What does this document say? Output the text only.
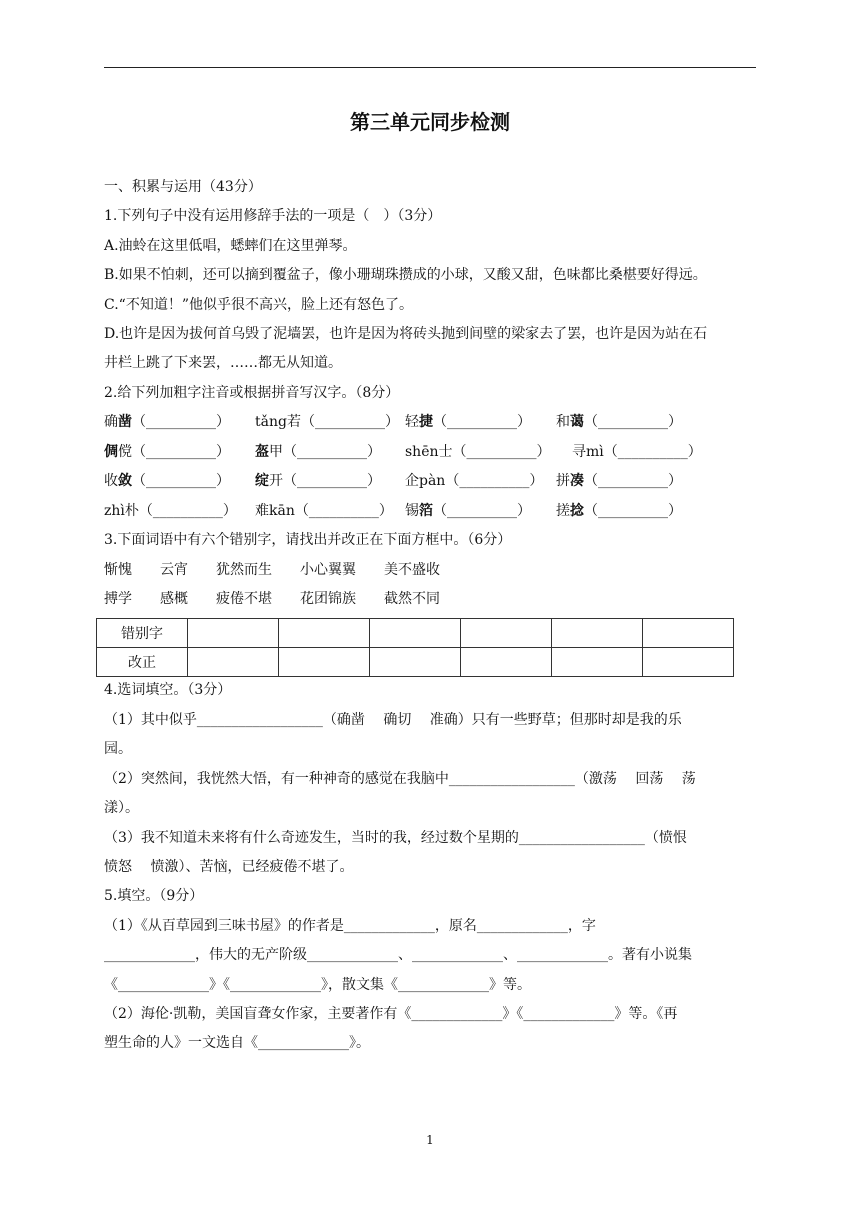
第三单元同步检测
一、积累与运用（43分）
1.下列句子中没有运用修辞手法的一项是（　）（3分）
A.油蛉在这里低唱，蟋蟀们在这里弹琴。
B.如果不怕刺，还可以摘到覆盆子，像小珊瑚珠攒成的小球，又酸又甜，色味都比桑椹要好得远。
C.“不知道！”他似乎很不高兴，脸上还有怒色了。
D.也许是因为拔何首乌毁了泥墙罢，也许是因为将砖头抛到间壁的梁家去了罢，也许是因为站在石
井栏上跳了下来罢，……都无从知道。
2.给下列加粗字注音或根据拼音写汉字。（8分）
确凿（__________） tǎng若（__________） 轻捷（__________） 和蔼（__________）
倜傥（__________） 盔甲（__________） shēn士（__________） 寻mì（__________）
收敛（__________） 绽开（__________） 企pàn（__________） 拼凑（__________）
zhì朴（__________） 难kān（__________） 锡箔（__________） 搓捻（__________）
3.下面词语中有六个错别字，请找出并改正在下面方框中。（6分）
惭愧　　云宵　　犹然而生　　小心翼翼　　美不盛收
搏学　　感概　　疲倦不堪　　花团锦族　　截然不同
错别字						
改正						
4.选词填空。（3分）
（1）其中似乎__________________（确凿　 确切　 准确）只有一些野草；但那时却是我的乐
园。
（2）突然间，我恍然大悟，有一种神奇的感觉在我脑中__________________（激荡　 回荡　 荡
漾）。
（3）我不知道未来将有什么奇迹发生，当时的我，经过数个星期的__________________（愤恨
愤怒　 愤激）、苦恼，已经疲倦不堪了。
5.填空。（9分）
（1）《从百草园到三味书屋》的作者是_____________，原名_____________，字
_____________，伟大的无产阶级_____________、_____________、_____________。著有小说集
《_____________》《_____________》，散文集《_____________》等。
（2）海伦·凯勒，美国盲聋女作家，主要著作有《_____________》《_____________》等。《再
塑生命的人》一文选自《_____________》。
1
